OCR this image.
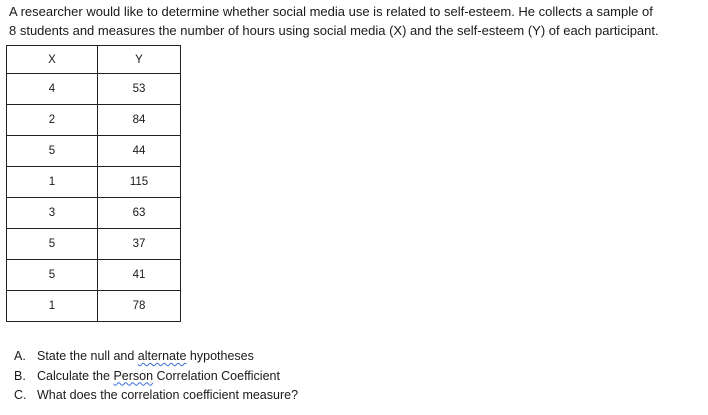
A researcher would like to determine whether social media use is related to self-esteem. He collects a sample of

8 students and measures the number of hours using social media (X) and the self-esteem (Y) of each participant.

X	Y
4	53
2	84
5	44
1	115
3	63
5	37
5	41
1	78
A. State the null and alternate hypotheses
B. Calculate the Person Correlation Coefficient
C. What does the correlation coefficient measure?
